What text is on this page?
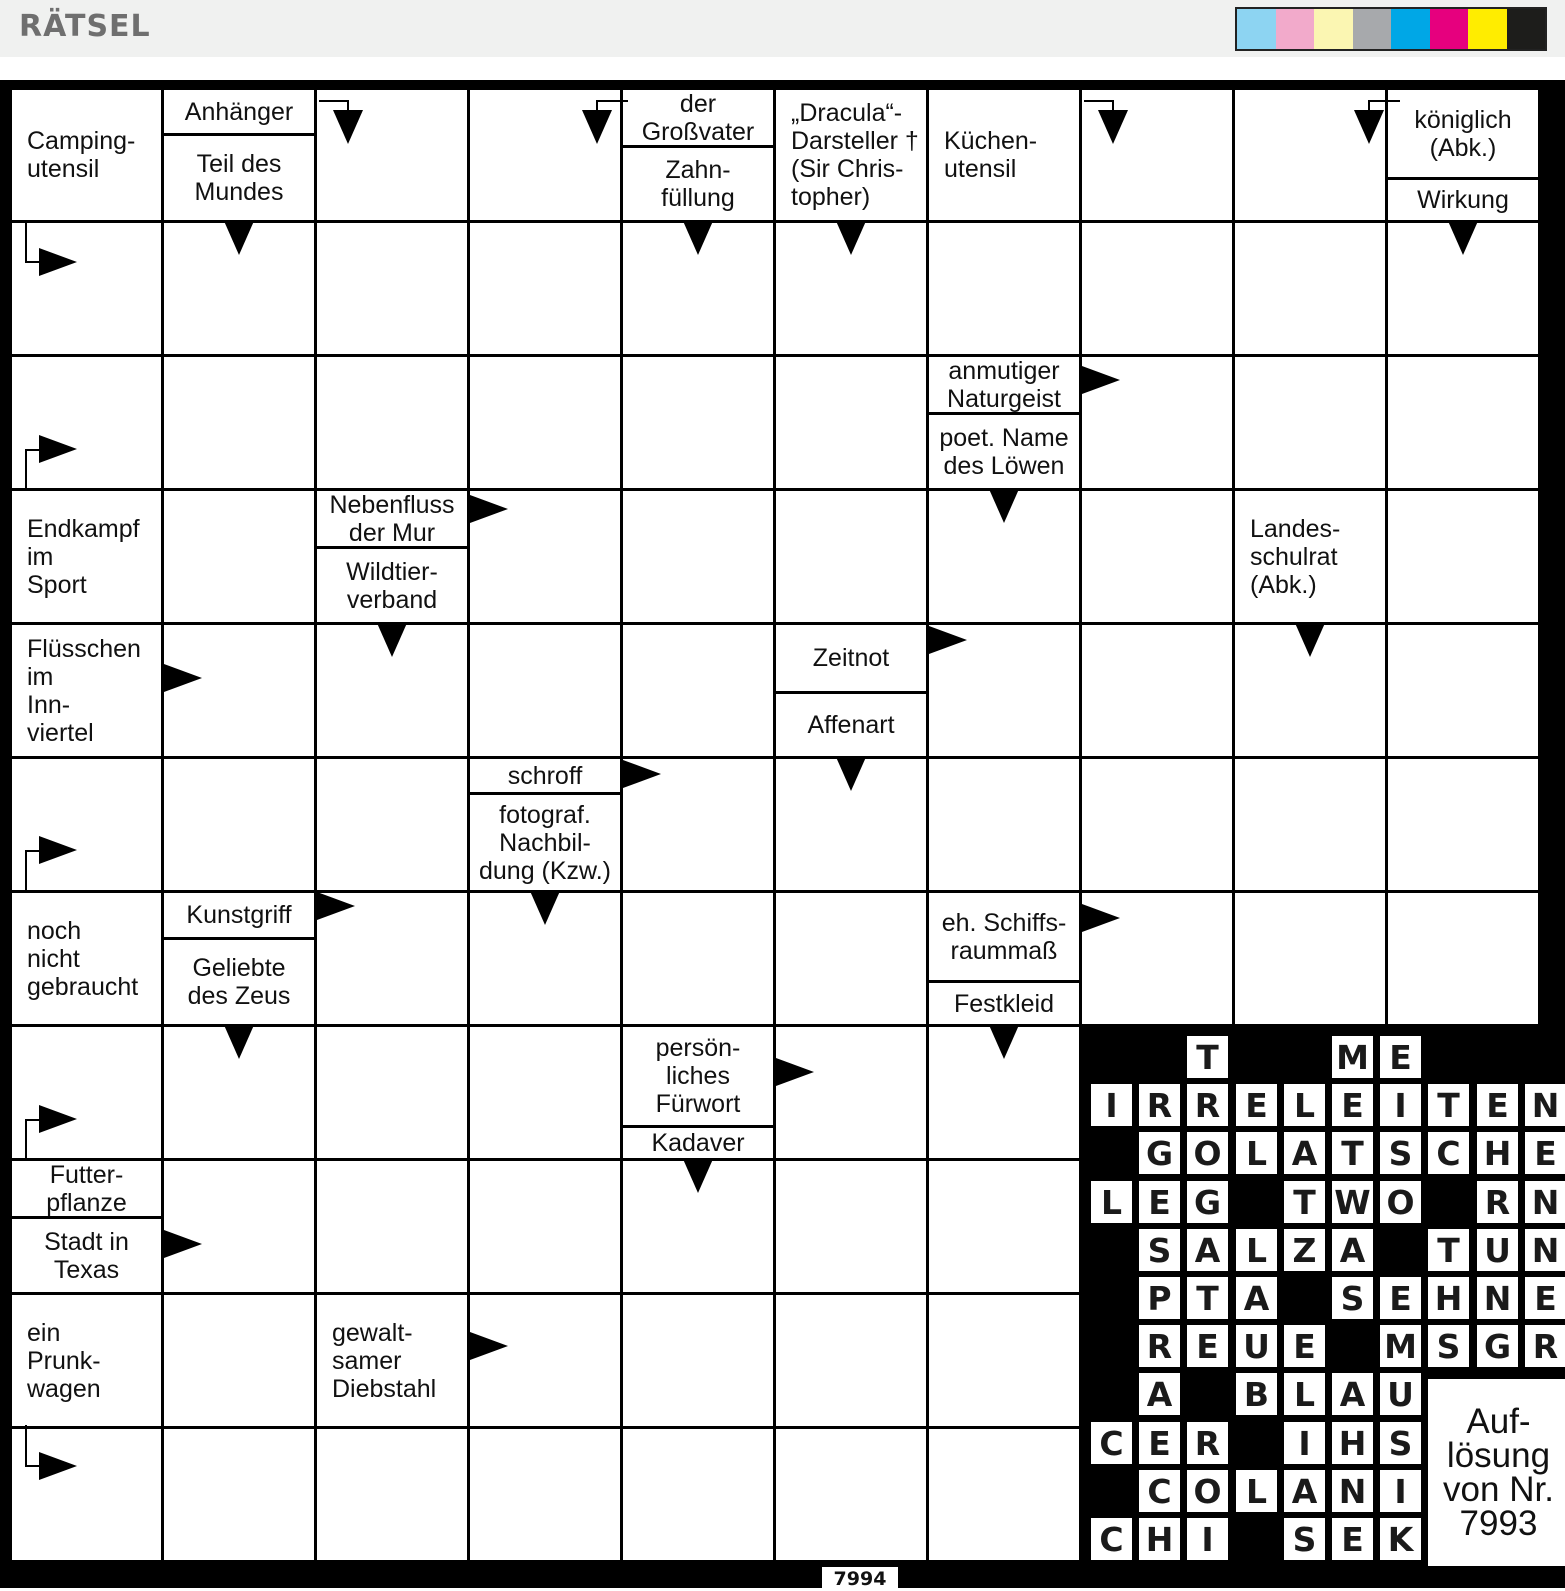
RÄTSEL
Camping-
utensil
Anhänger
Teil des
Mundes
der
Großvater
Zahn-
füllung
„Dracula“-
Darsteller †
(Sir Chris-
topher)
Küchen-
utensil
königlich
(Abk.)
Wirkung
anmutiger
Naturgeist
poet. Name
des Löwen
Endkampf
im
Sport
Nebenfluss
der Mur
Wildtier-
verband
Landes-
schulrat
(Abk.)
Flüsschen
im
Inn-
viertel
Zeitnot
Affenart
schroff
fotograf.
Nachbil-
dung (Kzw.)
noch
nicht
gebraucht
Kunstgriff
Geliebte
des Zeus
eh. Schiffs-
raummaß
Festkleid
persön-
liches
Fürwort
Kadaver
Futter-
pflanze
Stadt in
Texas
ein
Prunk-
wagen
gewalt-
samer
Diebstahl
Auf-
lösung
von Nr.
7993
T	M E
I R R E L E I T E N
G O L A T S C H E
L E G T W O R N
S A L Z A T U N
P T A S E H N E
R E U E M S G R
A B L A U
C E R	I H S
C O L A N I
C H I	S E K
7994
